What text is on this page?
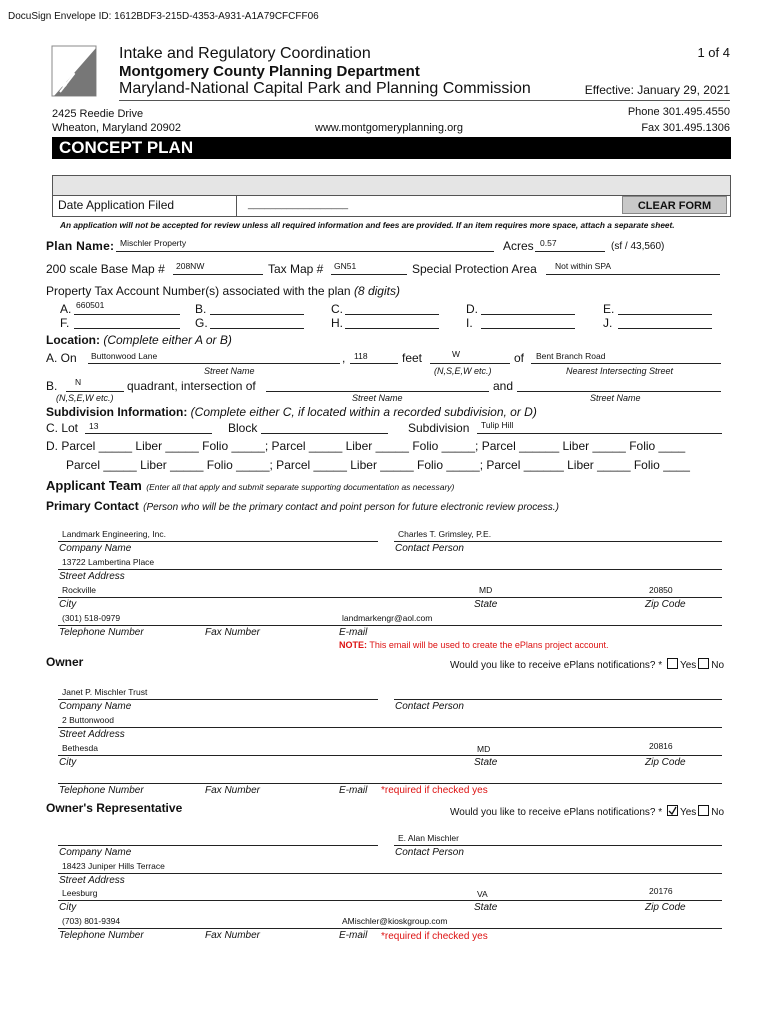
DocuSign Envelope ID: 1612BDF3-215D-4353-A931-A1A79CFCFF06
Intake and Regulatory Coordination
Montgomery County Planning Department
Maryland-National Capital Park and Planning Commission
1 of 4
Effective: January 29, 2021
2425 Reedie Drive
Wheaton, Maryland 20902	www.montgomeryplanning.org
Phone 301.495.4550
Fax 301.495.1306
CONCEPT PLAN
Date Application Filed	__________________	CLEAR FORM
An application will not be accepted for review unless all required information and fees are provided. If an item requires more space, attach a separate sheet.
Plan Name: Mischler Property	Acres 0.57	(sf / 43,560)
200 scale Base Map # 208NW	Tax Map # GN51	Special Protection Area Not within SPA
Property Tax Account Number(s) associated with the plan (8 digits)
A. 660501	B.	C.	D.	E.
F.	G.	H.	I.	J.
Location: (Complete either A or B)
A. On Buttonwood Lane	,
Street Name
118	feet	W
(N,S,E,W etc.)
of Bent Branch Road
Nearest Intersecting Street
B. N	quadrant, intersection of
(N,S,E,W etc.)	Street Name
and
Street Name
Subdivision Information: (Complete either C, if located within a recorded subdivision, or D)
C. Lot 13	Block	Subdivision Tulip Hill
D. Parcel _____ Liber _____ Folio _____; Parcel _____ Liber _____ Folio _____; Parcel ______ Liber _____ Folio ____
Parcel _____ Liber _____ Folio _____; Parcel _____ Liber _____ Folio _____; Parcel ______ Liber _____ Folio ____
Applicant Team (Enter all that apply and submit separate supporting documentation as necessary)
Primary Contact (Person who will be the primary contact and point person for future electronic review process.)
Landmark Engineering, Inc.
Company Name
Charles T. Grimsley, P.E.
Contact Person
13722 Lambertina Place
Street Address
Rockville
City
MD
State
20850
Zip Code
(301) 518-0979
Telephone Number	Fax Number
landmarkengr@aol.com
E-mail
NOTE: This email will be used to create the ePlans project account.
Owner	Would you like to receive ePlans notifications? * Yes No
Janet P. Mischler Trust
Company Name	Contact Person
2 Buttonwood
Street Address
Bethesda
City
MD
State
20816
Zip Code
Telephone Number	Fax Number	E-mail *required if checked yes
Owner's Representative	Would you like to receive ePlans notifications? * Yes No
Company Name
E. Alan Mischler
Contact Person
18423 Juniper Hills Terrace
Street Address
Leesburg
City
VA
State
20176
Zip Code
(703) 801-9394
Telephone Number	Fax Number
AMischler@kioskgroup.com
E-mail *required if checked yes
